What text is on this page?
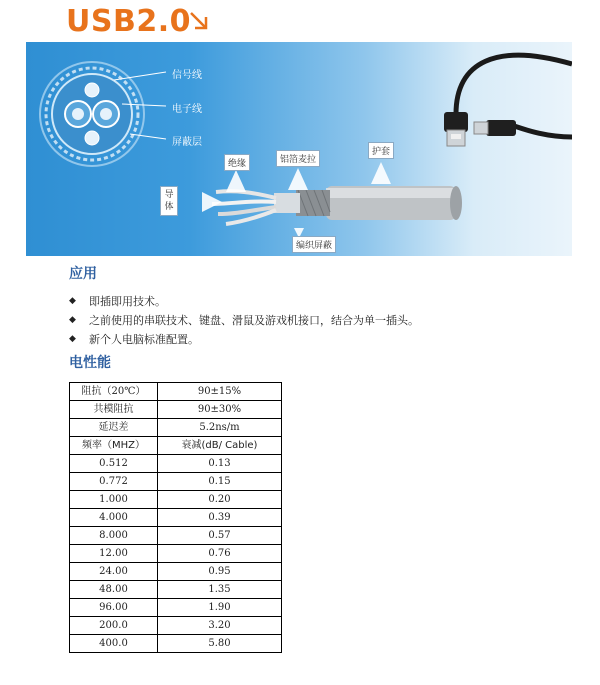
USB2.0
信号线
电子线
屏蔽层
导体
绝缘	铝箔麦拉
护套
编织屏蔽
应用
◆ 即插即用技术。
◆ 之前使用的串联技术、键盘、滑鼠及游戏机接口，结合为单一插头。
◆ 新个人电脑标准配置。
电性能
阻抗（20℃）	90±15%
共模阻抗	90±30%
延迟差	5.2ns/m
频率（MHZ）	衰减(dB/ Cable)
0.512	0.13
0.772	0.15
1.000	0.20
4.000	0.39
8.000	0.57
12.00	0.76
24.00	0.95
48.00	1.35
96.00	1.90
200.0	3.20
400.0	5.80
